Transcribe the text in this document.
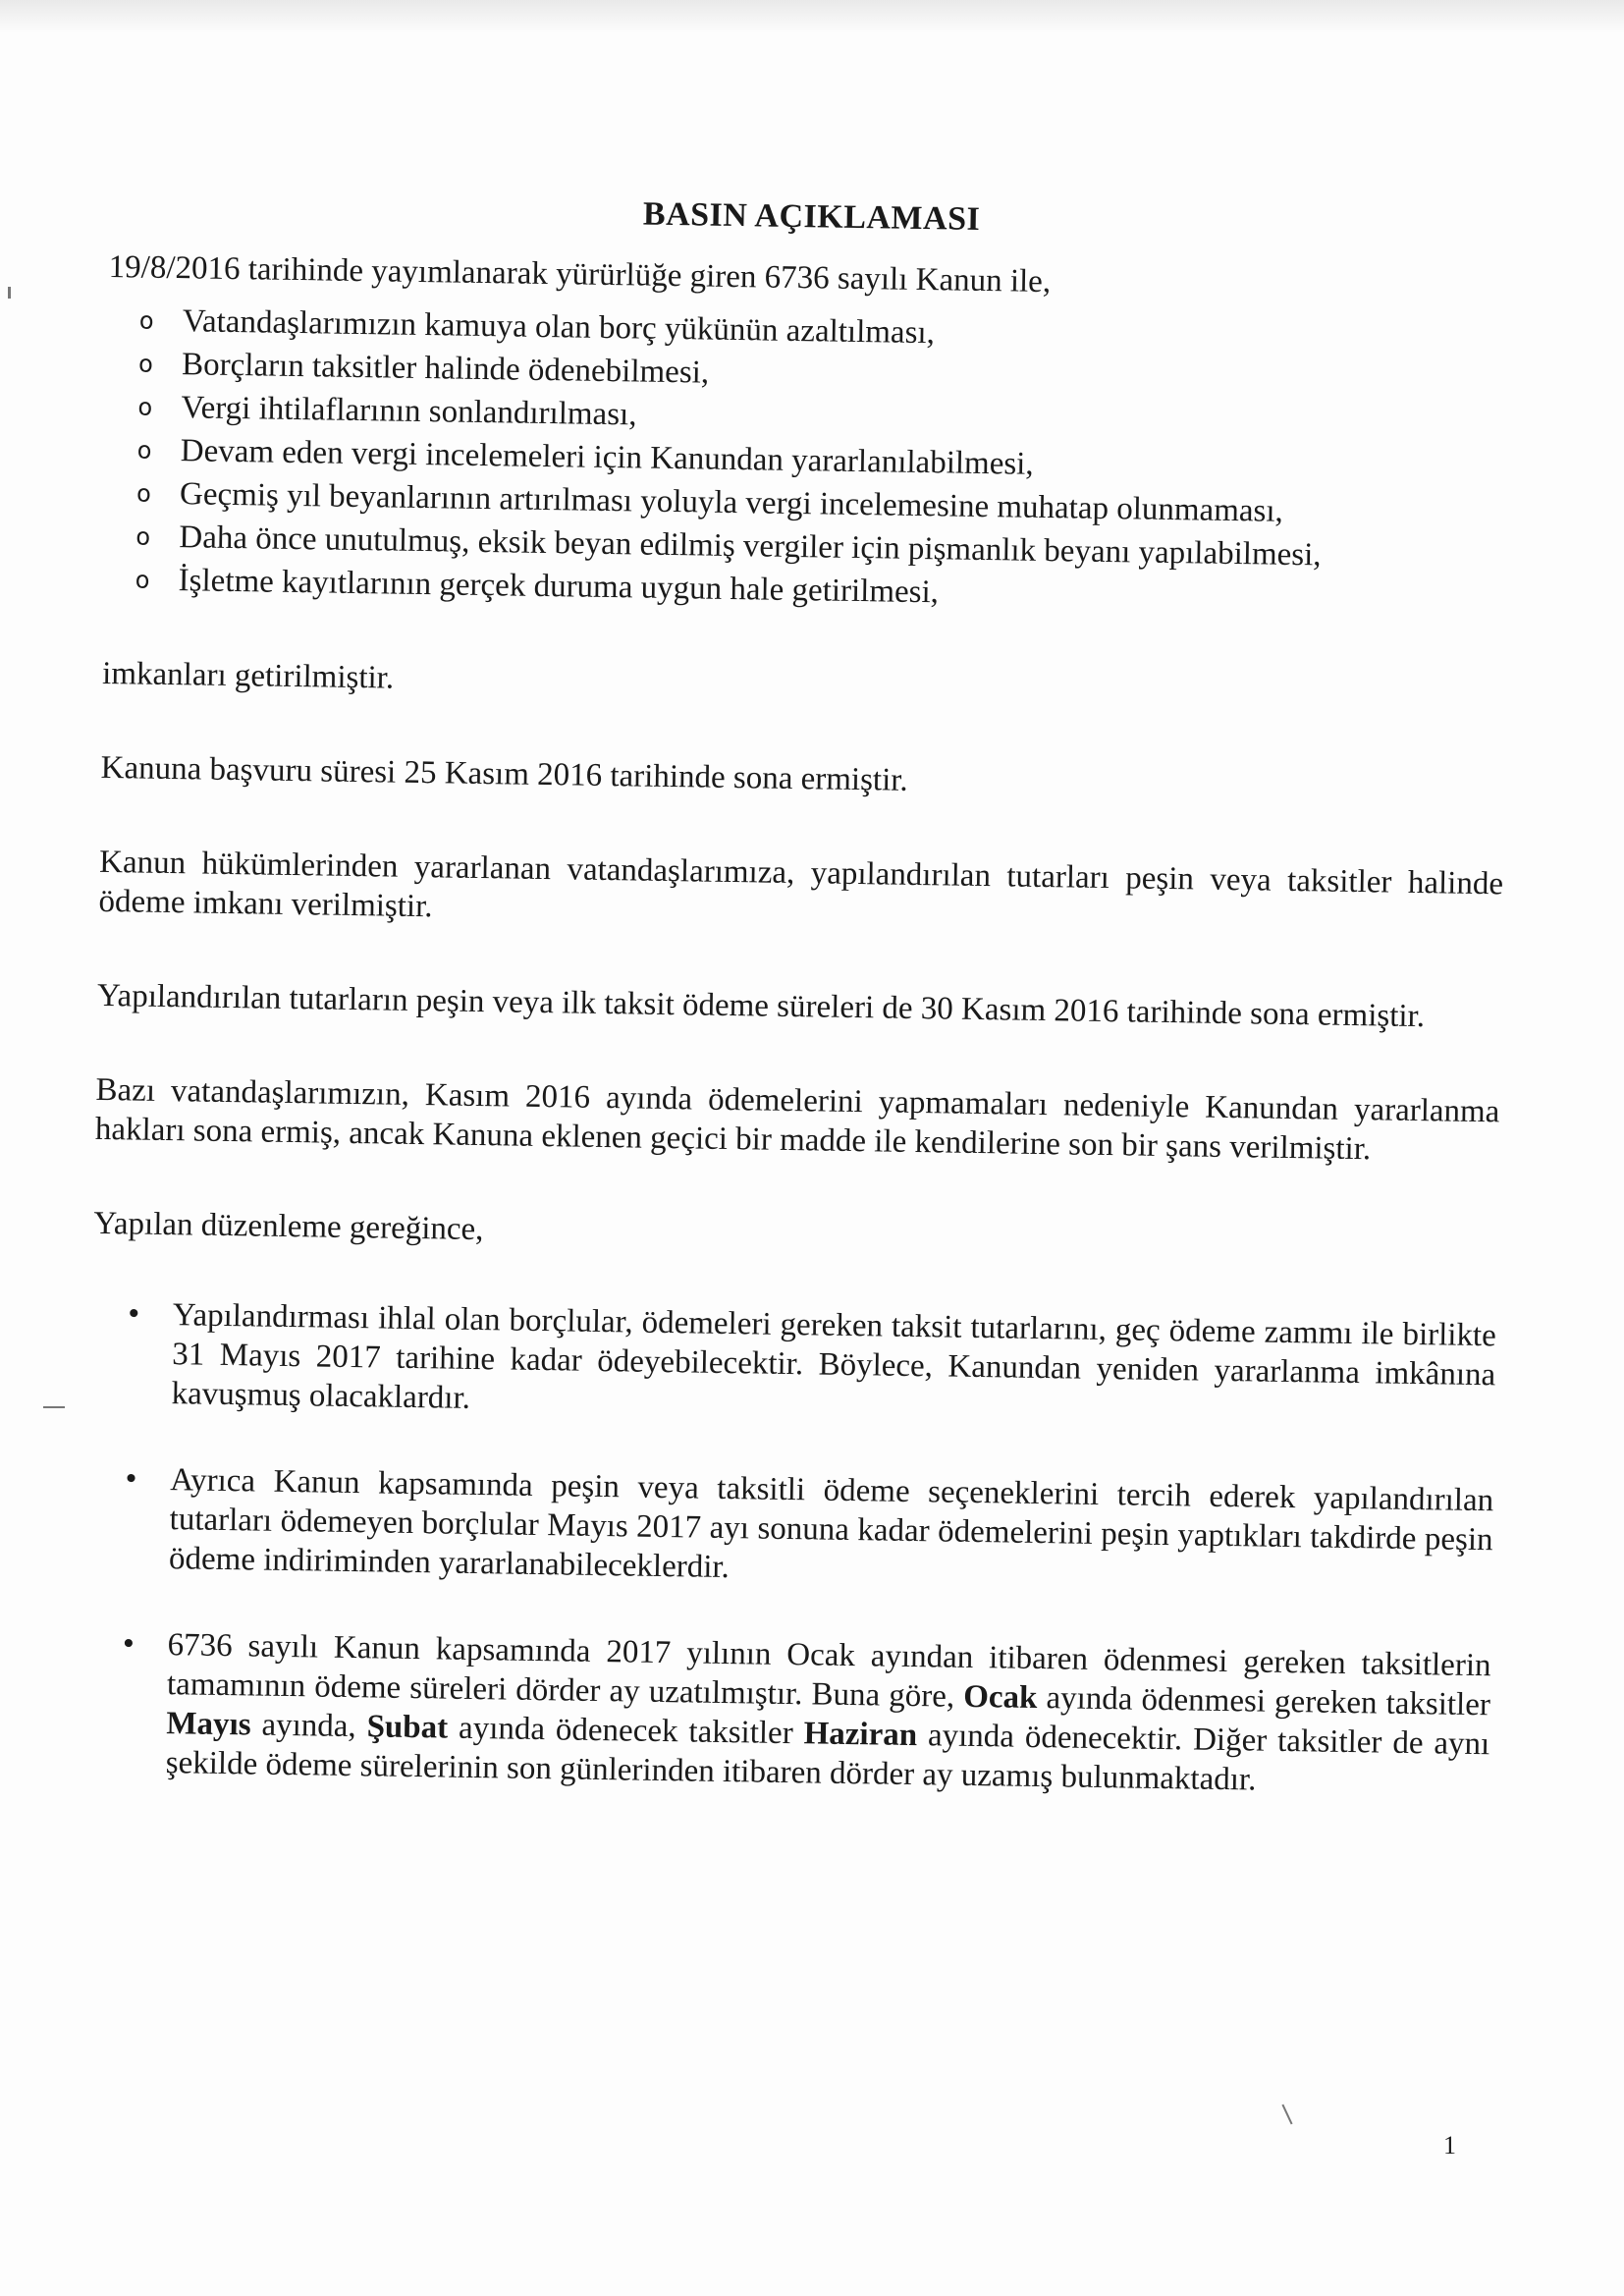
BASIN AÇIKLAMASI

19/8/2016 tarihinde yayımlanarak yürürlüğe giren 6736 sayılı Kanun ile,

o Vatandaşlarımızın kamuya olan borç yükünün azaltılması,
o Borçların taksitler halinde ödenebilmesi,
o Vergi ihtilaflarının sonlandırılması,
o Devam eden vergi incelemeleri için Kanundan yararlanılabilmesi,
o Geçmiş yıl beyanlarının artırılması yoluyla vergi incelemesine muhatap olunmaması,
o Daha önce unutulmuş, eksik beyan edilmiş vergiler için pişmanlık beyanı yapılabilmesi,
o İşletme kayıtlarının gerçek duruma uygun hale getirilmesi,

imkanları getirilmiştir.

Kanuna başvuru süresi 25 Kasım 2016 tarihinde sona ermiştir.

Kanun hükümlerinden yararlanan vatandaşlarımıza, yapılandırılan tutarları peşin veya taksitler halinde ödeme imkanı verilmiştir.

Yapılandırılan tutarların peşin veya ilk taksit ödeme süreleri de 30 Kasım 2016 tarihinde sona ermiştir.

Bazı vatandaşlarımızın, Kasım 2016 ayında ödemelerini yapmamaları nedeniyle Kanundan yararlanma hakları sona ermiş, ancak Kanuna eklenen geçici bir madde ile kendilerine son bir şans verilmiştir.

Yapılan düzenleme gereğince,

• Yapılandırması ihlal olan borçlular, ödemeleri gereken taksit tutarlarını, geç ödeme zammı ile birlikte 31 Mayıs 2017 tarihine kadar ödeyebilecektir. Böylece, Kanundan yeniden yararlanma imkânına kavuşmuş olacaklardır.
• Ayrıca Kanun kapsamında peşin veya taksitli ödeme seçeneklerini tercih ederek yapılandırılan tutarları ödemeyen borçlular Mayıs 2017 ayı sonuna kadar ödemelerini peşin yaptıkları takdirde peşin ödeme indiriminden yararlanabileceklerdir.
• 6736 sayılı Kanun kapsamında 2017 yılının Ocak ayından itibaren ödenmesi gereken taksitlerin tamamının ödeme süreleri dörder ay uzatılmıştır. Buna göre, Ocak ayında ödenmesi gereken taksitler Mayıs ayında, Şubat ayında ödenecek taksitler Haziran ayında ödenecektir. Diğer taksitler de aynı şekilde ödeme sürelerinin son günlerinden itibaren dörder ay uzamış bulunmaktadır.
1
